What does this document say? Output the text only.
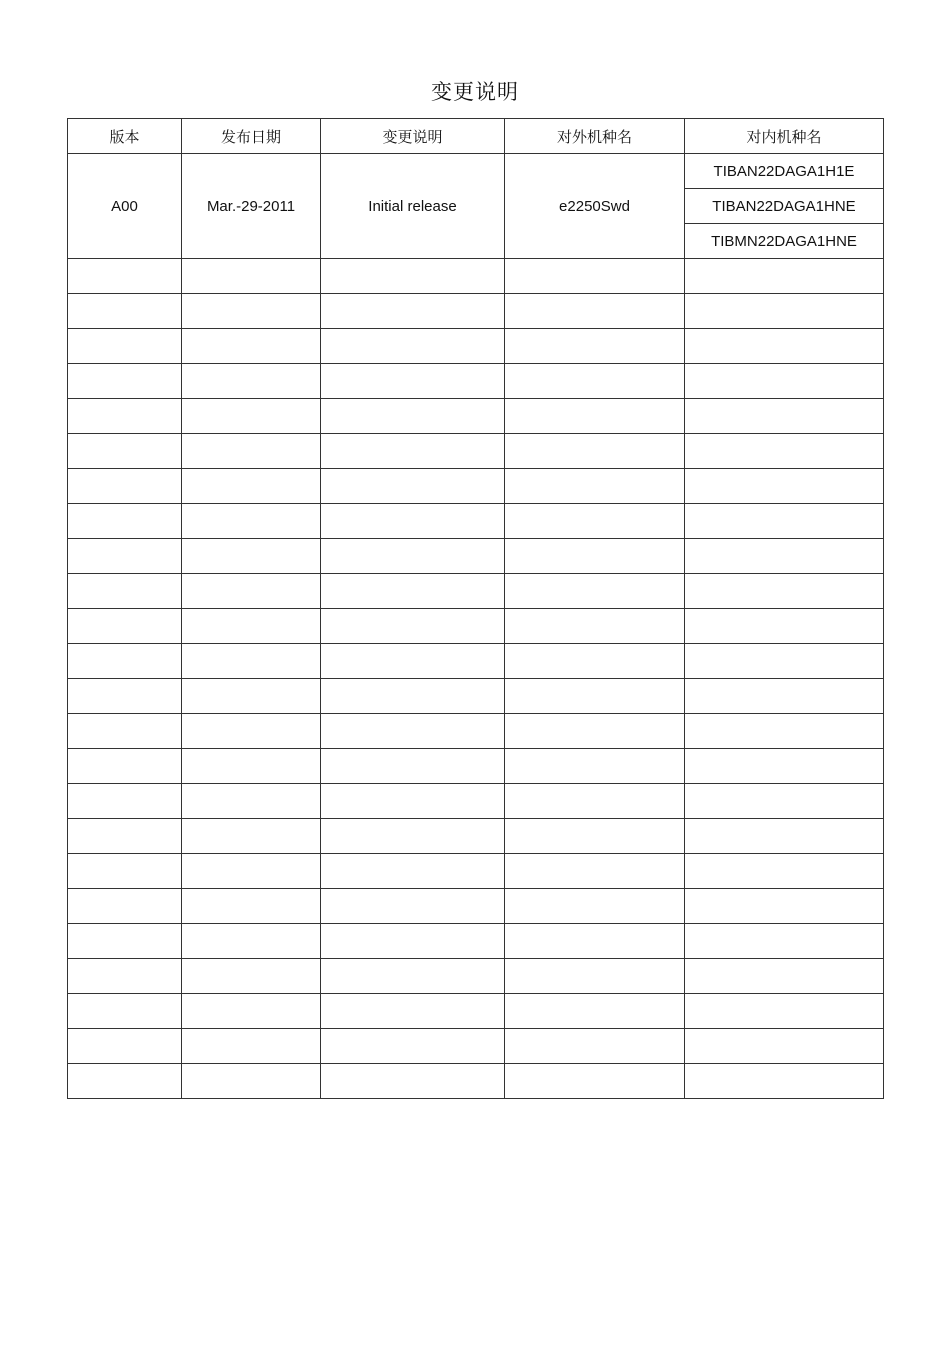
变更说明
版本	发布日期	变更说明	对外机种名	对内机种名
A00	Mar.-29-2011	Initial release	e2250Swd	TIBAN22DAGA1H1E
				TIBAN22DAGA1HNE
				TIBMN22DAGA1HNE
